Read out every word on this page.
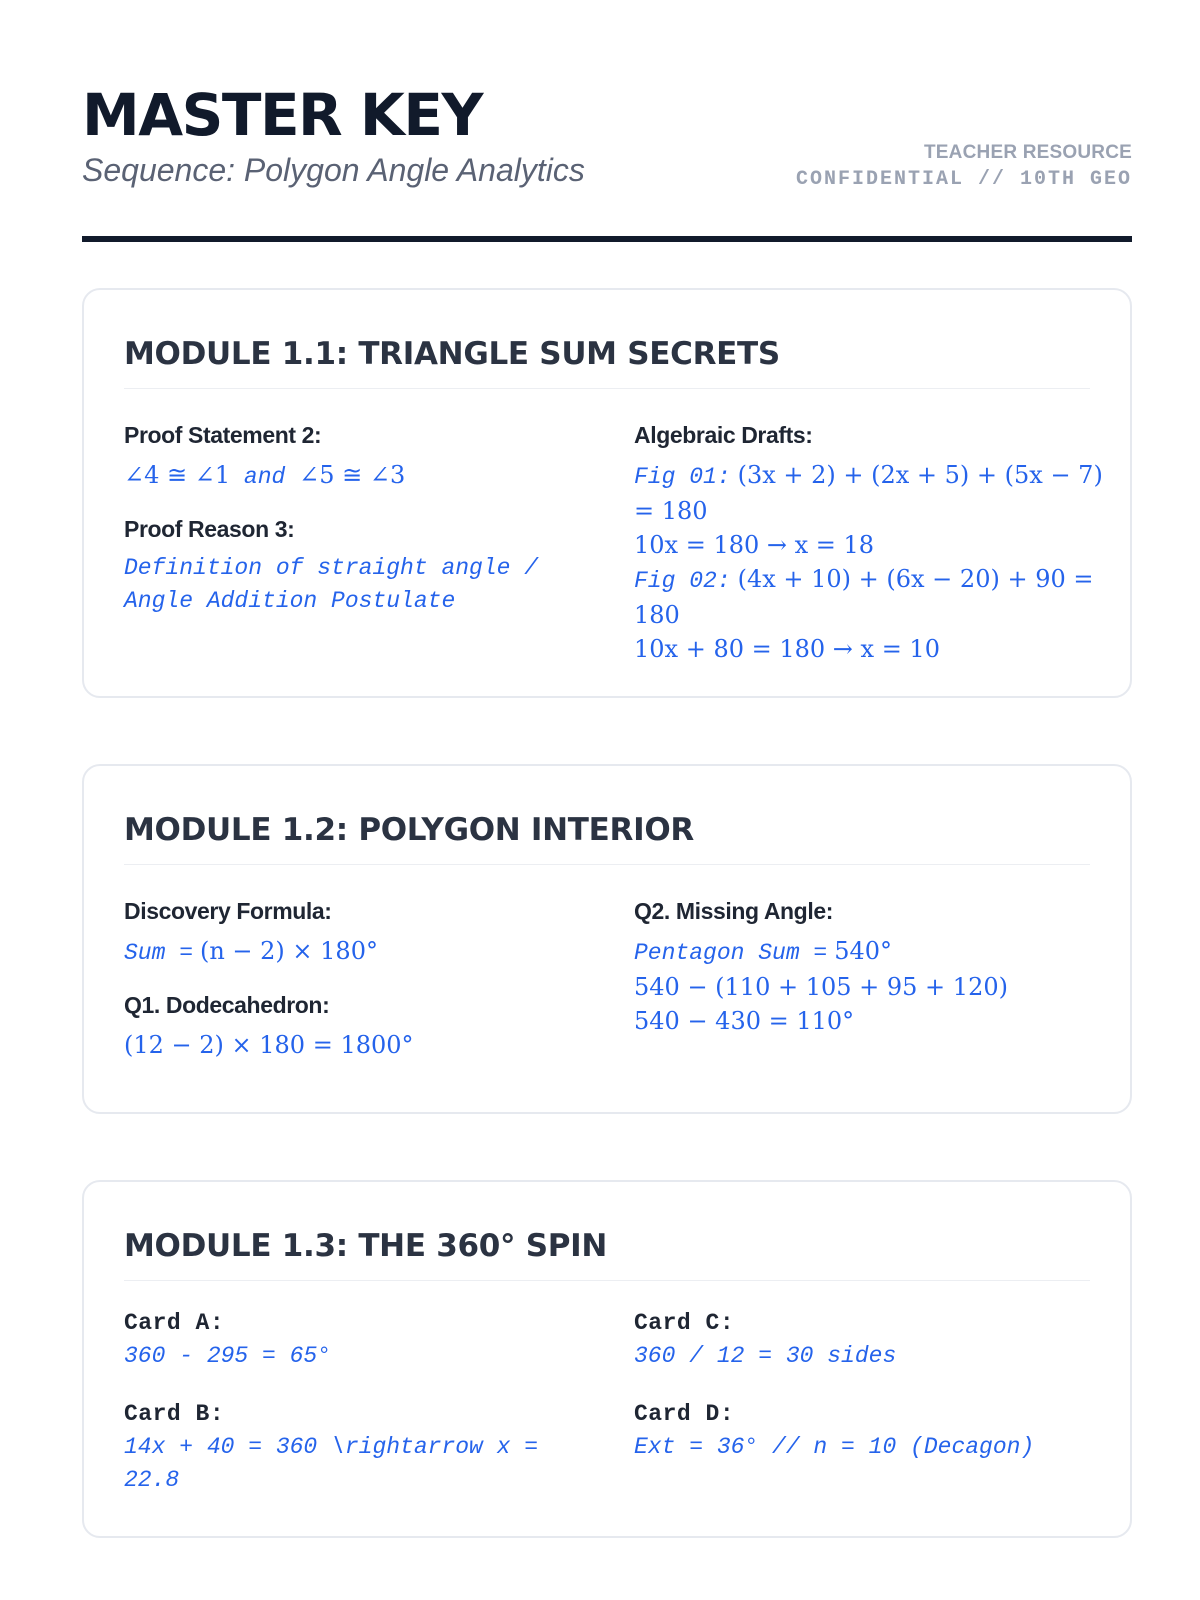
MASTER KEY
Sequence: Polygon Angle Analytics	TEACHER RESOURCE
CONFIDENTIAL // 10TH GEO
MODULE 1.1: TRIANGLE SUM SECRETS
Proof Statement 2:
∠4 ≅ ∠1 and ∠5 ≅ ∠3
Proof Reason 3:
Definition of straight angle / Angle Addition Postulate
Algebraic Drafts:
Fig 01: (3x + 2) + (2x + 5) + (5x − 7) = 180
10x = 180 → x = 18
Fig 02: (4x + 10) + (6x − 20) + 90 = 180
10x + 80 = 180 → x = 10
MODULE 1.2: POLYGON INTERIOR
Discovery Formula:
Sum = (n − 2) × 180°
Q1. Dodecahedron:
(12 − 2) × 180 = 1800°
Q2. Missing Angle:
Pentagon Sum = 540°
540 − (110 + 105 + 95 + 120)
540 − 430 = 110°
MODULE 1.3: THE 360° SPIN
Card A:
360 - 295 = 65°
Card B:
14x + 40 = 360 \rightarrow x = 22.8
Card C:
360 / 12 = 30 sides
Card D:
Ext = 36° // n = 10 (Decagon)
